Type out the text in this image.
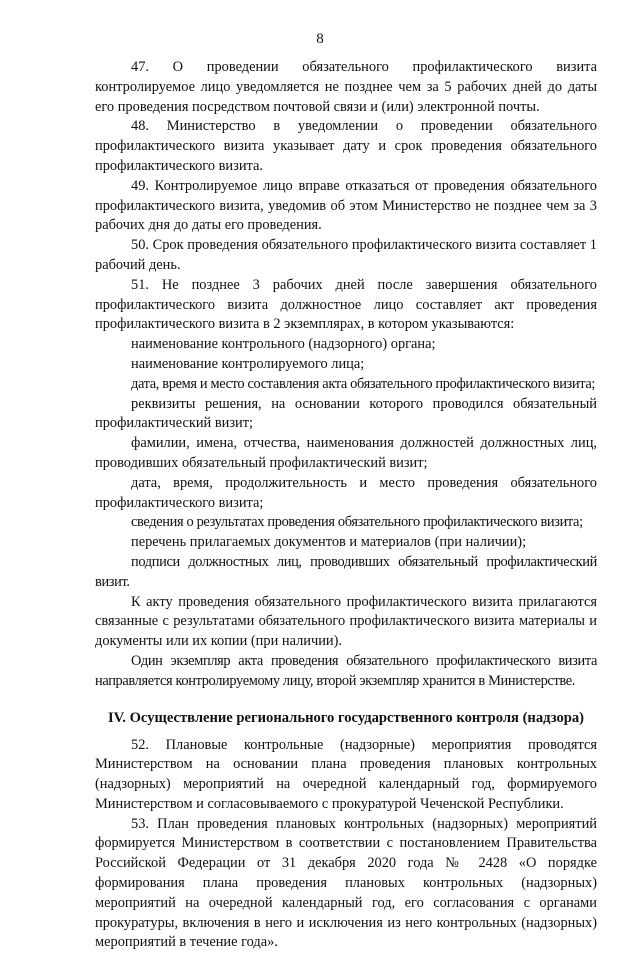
8

47. О проведении обязательного профилактического визита контролируемое лицо уведомляется не позднее чем за 5 рабочих дней до даты его проведения посредством почтовой связи и (или) электронной почты.

48. Министерство в уведомлении о проведении обязательного профилактического визита указывает дату и срок проведения обязательного профилактического визита.

49. Контролируемое лицо вправе отказаться от проведения обязательного профилактического визита, уведомив об этом Министерство не позднее чем за 3 рабочих дня до даты его проведения.

50. Срок проведения обязательного профилактического визита составляет 1 рабочий день.

51. Не позднее 3 рабочих дней после завершения обязательного профилактического визита должностное лицо составляет акт проведения профилактического визита в 2 экземплярах, в котором указываются:

наименование контрольного (надзорного) органа;

наименование контролируемого лица;

дата, время и место составления акта обязательного профилактического визита;

реквизиты решения, на основании которого проводился обязательный профилактический визит;

фамилии, имена, отчества, наименования должностей должностных лиц, проводивших обязательный профилактический визит;

дата, время, продолжительность и место проведения обязательного профилактического визита;

сведения о результатах проведения обязательного профилактического визита;

перечень прилагаемых документов и материалов (при наличии);

подписи должностных лиц, проводивших обязательный профилактический визит.

К акту проведения обязательного профилактического визита прилагаются связанные с результатами обязательного профилактического визита материалы и документы или их копии (при наличии).

Один экземпляр акта проведения обязательного профилактического визита направляется контролируемому лицу, второй экземпляр хранится в Министерстве.

IV. Осуществление регионального государственного контроля (надзора)

52. Плановые контрольные (надзорные) мероприятия проводятся Министерством на основании плана проведения плановых контрольных (надзорных) мероприятий на очередной календарный год, формируемого Министерством и согласовываемого с прокуратурой Чеченской Республики.

53. План проведения плановых контрольных (надзорных) мероприятий формируется Министерством в соответствии с постановлением Правительства Российской Федерации от 31 декабря 2020 года № 2428 «О порядке формирования плана проведения плановых контрольных (надзорных) мероприятий на очередной календарный год, его согласования с органами прокуратуры, включения в него и исключения из него контрольных (надзорных) мероприятий в течение года».
